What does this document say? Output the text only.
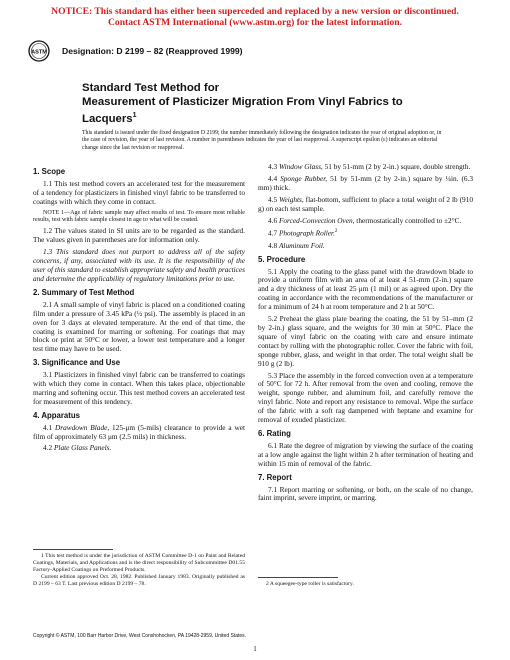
NOTICE: This standard has either been superceded and replaced by a new version or discontinued.
Contact ASTM International (www.astm.org) for the latest information.
ASTM Designation: D 2199 – 82 (Reapproved 1999)
Standard Test Method for
Measurement of Plasticizer Migration From Vinyl Fabrics to
Lacquers$^1$
This standard is issued under the fixed designation D 2199; the number immediately following the designation indicates the year of original adoption or, in the case of revision, the year of last revision. A number in parentheses indicates the year of last reapproval. A superscript epsilon (ε) indicates an editorial change since the last revision or reapproval.
1. Scope

1.1 This test method covers an accelerated test for the measurement of a tendency for plasticizers in finished vinyl fabric to be transferred to coatings with which they come in contact.

NOTE 1—Age of fabric sample may affect results of test. To ensure most reliable results, test with fabric sample closest in age to what will be coated.

1.2 The values stated in SI units are to be regarded as the standard. The values given in parentheses are for information only.

1.3 This standard does not purport to address all of the safety concerns, if any, associated with its use. It is the responsibility of the user of this standard to establish appropriate safety and health practices and determine the applicability of regulatory limitations prior to use.

2. Summary of Test Method

2.1 A small sample of vinyl fabric is placed on a conditioned coating film under a pressure of 3.45 kPa (½ psi). The assembly is placed in an oven for 3 days at elevated temperature. At the end of that time, the coating is examined for marring or softening. For coatings that may block or print at 50°C or lower, a lower test temperature and a longer test time may have to be used.

3. Significance and Use

3.1 Plasticizers in finished vinyl fabric can be transferred to coatings with which they come in contact. When this takes place, objectionable marring and softening occur. This test method covers an accelerated test for measurement of this tendency.

4. Apparatus

4.1 Drawdown Blade, 125-μm (5-mils) clearance to provide a wet film of approximately 63 μm (2.5 mils) in thickness.

4.2 Plate Glass Panels.

4.3 Window Glass, 51 by 51-mm (2 by 2-in.) square, double strength.

4.4 Sponge Rubber, 51 by 51-mm (2 by 2-in.) square by ¼in. (6.3 mm) thick.

4.5 Weights, flat-bottom, sufficient to place a total weight of 2 lb (910 g) on each test sample.

4.6 Forced-Convection Oven, thermostatically controlled to ±2°C.

4.7 Photograph Roller.$^2$

4.8 Aluminum Foil.

5. Procedure

5.1 Apply the coating to the glass panel with the drawdown blade to provide a uniform film with an area of at least 4 51-mm (2-in.) square and a dry thickness of at least 25 μm (1 mil) or as agreed upon. Dry the coating in accordance with the recommendations of the manufacturer or for a minimum of 24 h at room temperature and 2 h at 50°C.

5.2 Preheat the glass plate bearing the coating, the 51 by 51–mm (2 by 2-in.) glass square, and the weights for 30 min at 50°C. Place the square of vinyl fabric on the coating with care and ensure intimate contact by rolling with the photographic roller. Cover the fabric with foil, sponge rubber, glass, and weight in that order. The total weight shall be 910 g (2 lb).

5.3 Place the assembly in the forced convection oven at a temperature of 50°C for 72 h. After removal from the oven and cooling, remove the weight, sponge rubber, and aluminum foil, and carefully remove the vinyl fabric. Note and report any resistance to removal. Wipe the surface of the fabric with a soft rag dampened with heptane and examine for removal of exuded plasticizer.

6. Rating

6.1 Rate the degree of migration by viewing the surface of the coating at a low angle against the light within 2 h after termination of heating and within 15 min of removal of the fabric.

7. Report

7.1 Report marring or softening, or both, on the scale of no change, faint imprint, severe imprint, or marring.

1 This test method is under the jurisdiction of ASTM Committee D-1 on Paint and Related Coatings, Materials, and Applications and is the direct responsibility of Subcommittee D01.55 Factory-Applied Coatings on Preformed Products.

Current edition approved Oct. 28, 1982. Published January 1983. Originally published as D 2199 – 63 T. Last previous edition D 2199 – 78.	2 A squeegee-type roller is satisfactory.

Copyright © ASTM, 100 Barr Harbor Drive, West Conshohocken, PA 19428-2959, United States.
1
